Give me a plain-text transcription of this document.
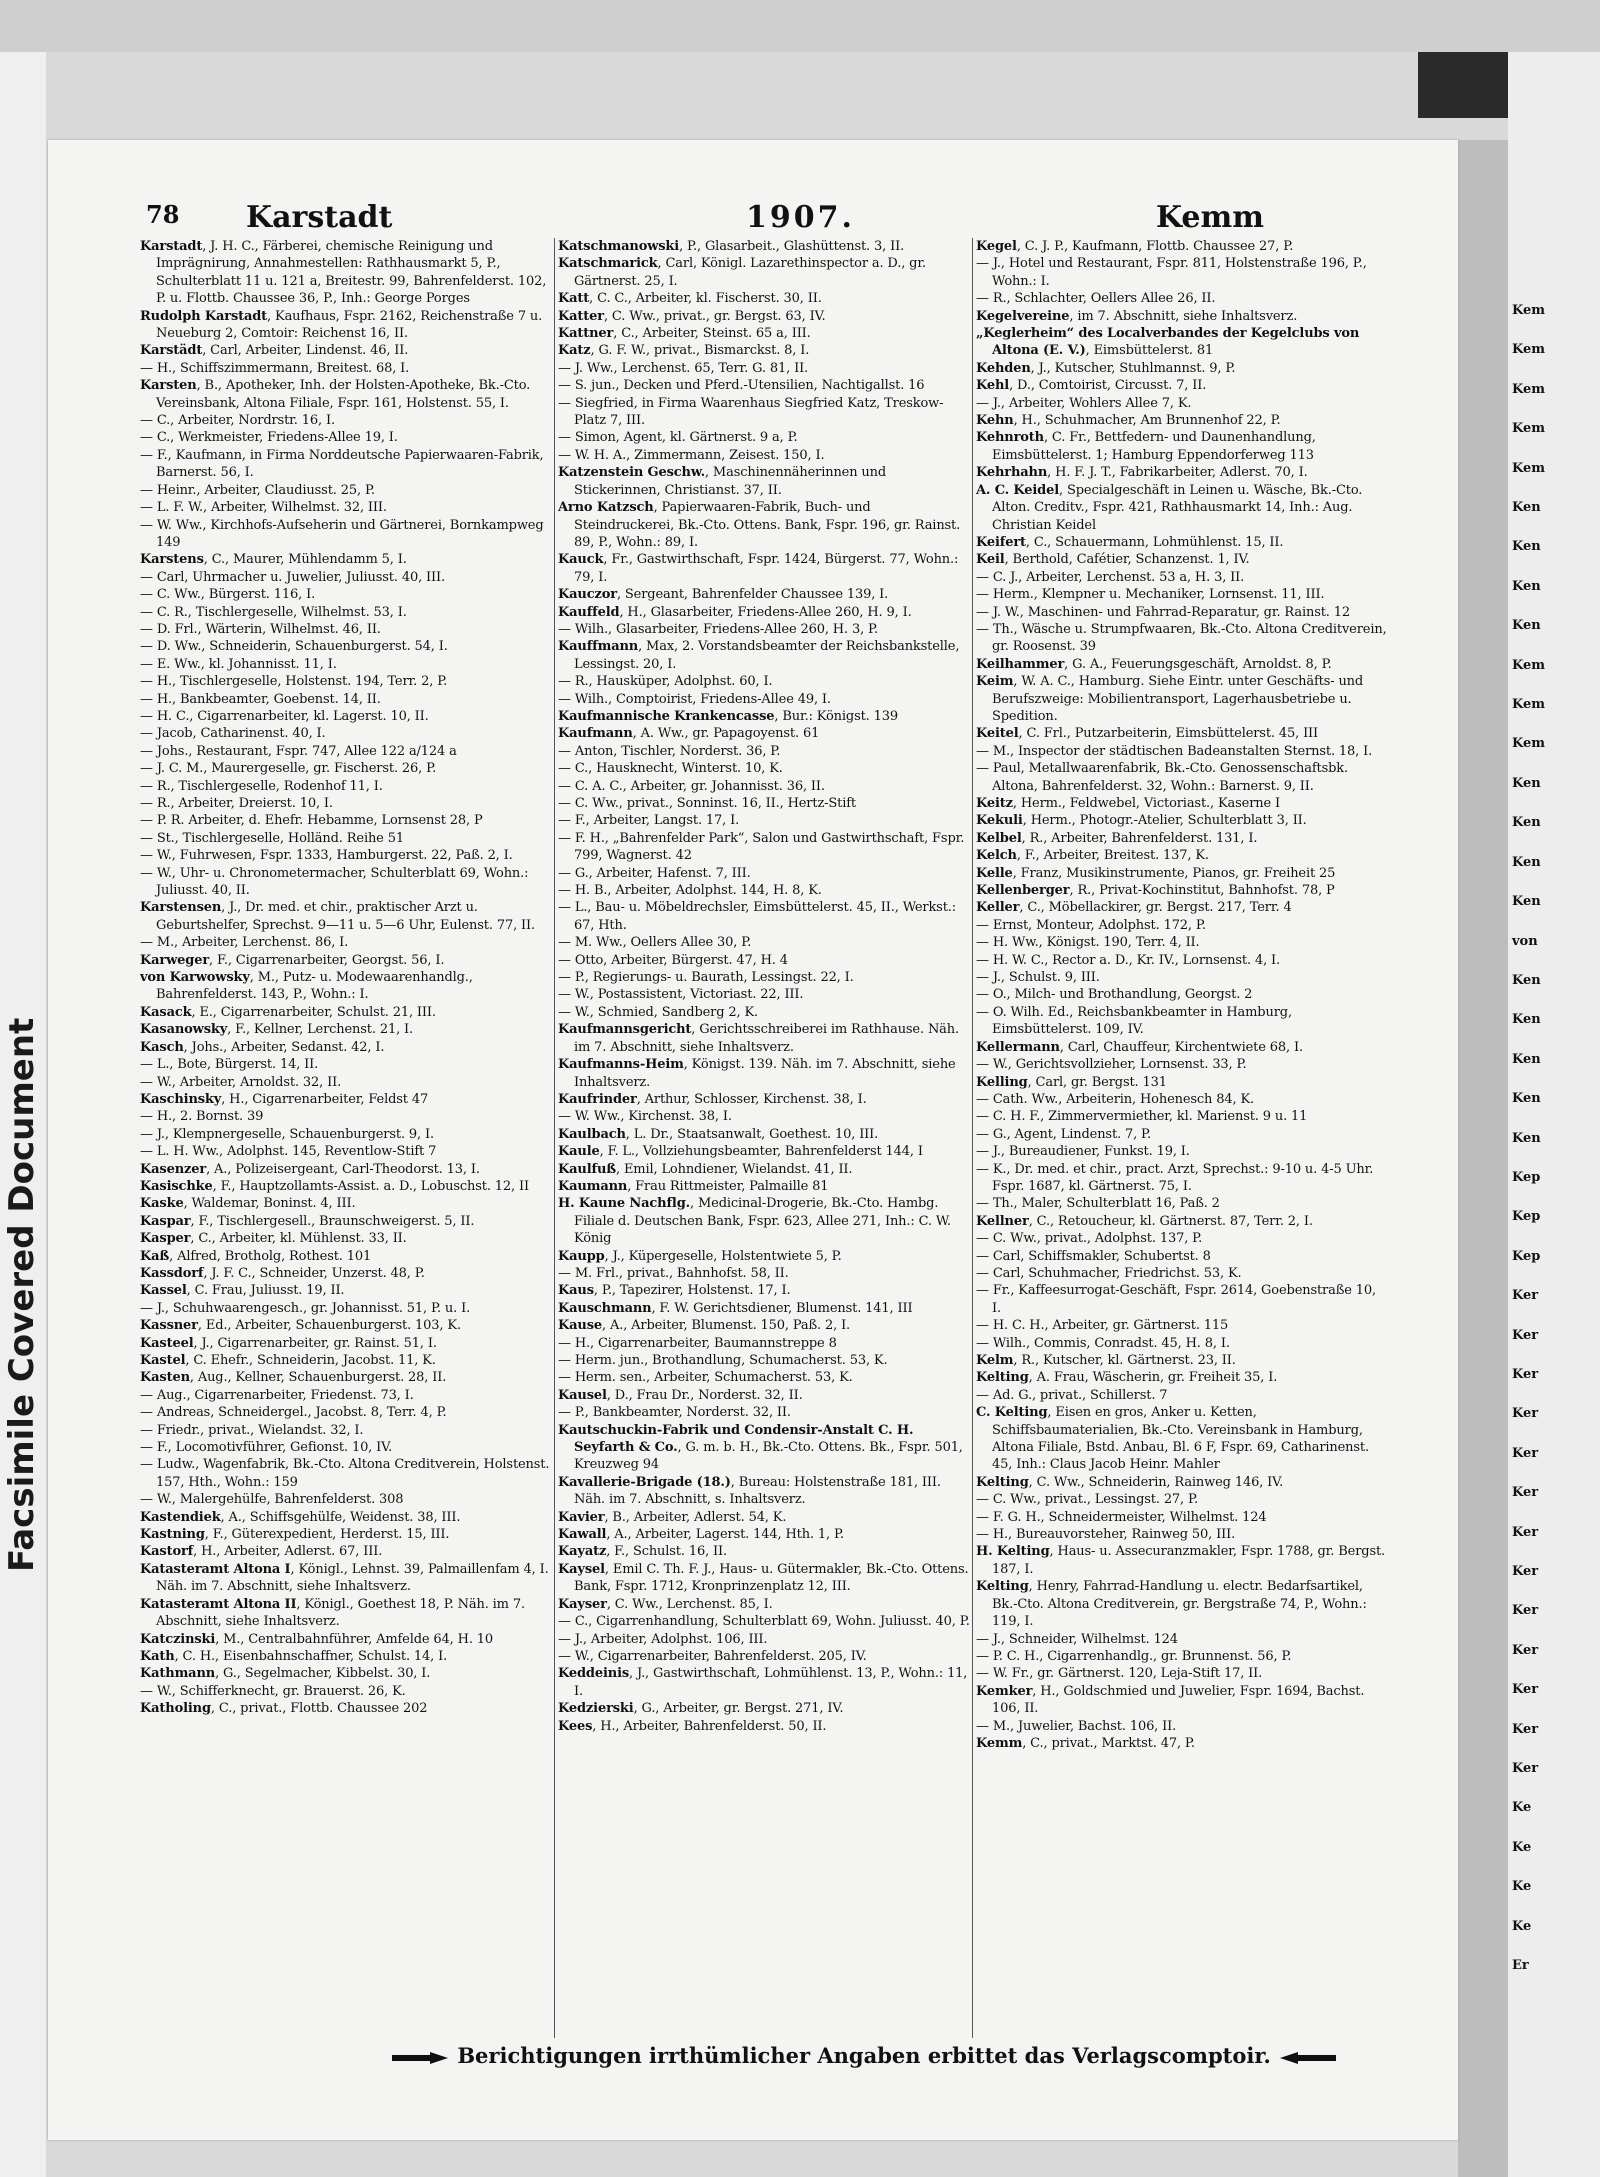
Facsimile Covered Document
Kem
Kem
Kem
Kem
Kem
Ken
Ken
Ken
Ken
Kem
Kem
Kem
Ken
Ken
Ken
Ken
von
Ken
Ken
Ken
Ken
Ken
Kep
Kep
Kep
Ker
Ker
Ker
Ker
Ker
Ker
Ker
Ker
Ker
Ker
Ker
Ker
Ker
Ke
Ke
Ke
Ke
Er
78 Karstadt	1907.	Kemm
Karstadt, J. H. C., Färberei, chemische Reinigung und Imprägnirung, Annahmestellen: Rathhausmarkt 5, P., Schulterblatt 11 u. 121 a, Breitestr. 99, Bahrenfelderst. 102, P. u. Flottb. Chaussee 36, P., Inh.: George Porges
Rudolph Karstadt, Kaufhaus, Fspr. 2162, Reichenstraße 7 u. Neueburg 2, Comtoir: Reichenst 16, II.
Karstädt, Carl, Arbeiter, Lindenst. 46, II.
— H., Schiffszimmermann, Breitest. 68, I.
Karsten, B., Apotheker, Inh. der Holsten-Apotheke, Bk.-Cto. Vereinsbank, Altona Filiale, Fspr. 161, Holstenst. 55, I.
— C., Arbeiter, Nordrstr. 16, I.
— C., Werkmeister, Friedens-Allee 19, I.
— F., Kaufmann, in Firma Norddeutsche Papierwaaren-Fabrik, Barnerst. 56, I.
— Heinr., Arbeiter, Claudiusst. 25, P.
— L. F. W., Arbeiter, Wilhelmst. 32, III.
— W. Ww., Kirchhofs-Aufseherin und Gärtnerei, Bornkampweg 149
Karstens, C., Maurer, Mühlendamm 5, I.
— Carl, Uhrmacher u. Juwelier, Juliusst. 40, III.
— C. Ww., Bürgerst. 116, I.
— C. R., Tischlergeselle, Wilhelmst. 53, I.
— D. Frl., Wärterin, Wilhelmst. 46, II.
— D. Ww., Schneiderin, Schauenburgerst. 54, I.
— E. Ww., kl. Johannisst. 11, I.
— H., Tischlergeselle, Holstenst. 194, Terr. 2, P.
— H., Bankbeamter, Goebenst. 14, II.
— H. C., Cigarrenarbeiter, kl. Lagerst. 10, II.
— Jacob, Catharinenst. 40, I.
— Johs., Restaurant, Fspr. 747, Allee 122 a/124 a
— J. C. M., Maurergeselle, gr. Fischerst. 26, P.
— R., Tischlergeselle, Rodenhof 11, I.
— R., Arbeiter, Dreierst. 10, I.
— P. R. Arbeiter, d. Ehefr. Hebamme, Lornsenst 28, P
— St., Tischlergeselle, Holländ. Reihe 51
— W., Fuhrwesen, Fspr. 1333, Hamburgerst. 22, Paß. 2, I.
— W., Uhr- u. Chronometermacher, Schulterblatt 69, Wohn.: Juliusst. 40, II.
Karstensen, J., Dr. med. et chir., praktischer Arzt u. Geburtshelfer, Sprechst. 9—11 u. 5—6 Uhr, Eulenst. 77, II.
— M., Arbeiter, Lerchenst. 86, I.
Karweger, F., Cigarrenarbeiter, Georgst. 56, I.
von Karwowsky, M., Putz- u. Modewaarenhandlg., Bahrenfelderst. 143, P., Wohn.: I.
Kasack, E., Cigarrenarbeiter, Schulst. 21, III.
Kasanowsky, F., Kellner, Lerchenst. 21, I.
Kasch, Johs., Arbeiter, Sedanst. 42, I.
— L., Bote, Bürgerst. 14, II.
— W., Arbeiter, Arnoldst. 32, II.
Kaschinsky, H., Cigarrenarbeiter, Feldst 47
— H., 2. Bornst. 39
— J., Klempnergeselle, Schauenburgerst. 9, I.
— L. H. Ww., Adolphst. 145, Reventlow-Stift 7
Kasenzer, A., Polizeisergeant, Carl-Theodorst. 13, I.
Kasischke, F., Hauptzollamts-Assist. a. D., Lobuschst. 12, II
Kaske, Waldemar, Boninst. 4, III.
Kaspar, F., Tischlergesell., Braunschweigerst. 5, II.
Kasper, C., Arbeiter, kl. Mühlenst. 33, II.
Kaß, Alfred, Brotholg, Rothest. 101
Kassdorf, J. F. C., Schneider, Unzerst. 48, P.
Kassel, C. Frau, Juliusst. 19, II.
— J., Schuhwaarengesch., gr. Johannisst. 51, P. u. I.
Kassner, Ed., Arbeiter, Schauenburgerst. 103, K.
Kasteel, J., Cigarrenarbeiter, gr. Rainst. 51, I.
Kastel, C. Ehefr., Schneiderin, Jacobst. 11, K.
Kasten, Aug., Kellner, Schauenburgerst. 28, II.
— Aug., Cigarrenarbeiter, Friedenst. 73, I.
— Andreas, Schneidergel., Jacobst. 8, Terr. 4, P.
— Friedr., privat., Wielandst. 32, I.
— F., Locomotivführer, Gefionst. 10, IV.
— Ludw., Wagenfabrik, Bk.-Cto. Altona Creditverein, Holstenst. 157, Hth., Wohn.: 159
— W., Malergehülfe, Bahrenfelderst. 308
Kastendiek, A., Schiffsgehülfe, Weidenst. 38, III.
Kastning, F., Güterexpedient, Herderst. 15, III.
Kastorf, H., Arbeiter, Adlerst. 67, III.
Katasteramt Altona I, Königl., Lehnst. 39, Palmaillenfam 4, I. Näh. im 7. Abschnitt, siehe Inhaltsverz.
Katasteramt Altona II, Königl., Goethest 18, P. Näh. im 7. Abschnitt, siehe Inhaltsverz.
Katczinski, M., Centralbahnführer, Amfelde 64, H. 10
Kath, C. H., Eisenbahnschaffner, Schulst. 14, I.
Kathmann, G., Segelmacher, Kibbelst. 30, I.
— W., Schifferknecht, gr. Brauerst. 26, K.
Katholing, C., privat., Flottb. Chaussee 202
Katschmanowski, P., Glasarbeit., Glashüttenst. 3, II.
Katschmarick, Carl, Königl. Lazarethinspector a. D., gr. Gärtnerst. 25, I.
Katt, C. C., Arbeiter, kl. Fischerst. 30, II.
Katter, C. Ww., privat., gr. Bergst. 63, IV.
Kattner, C., Arbeiter, Steinst. 65 a, III.
Katz, G. F. W., privat., Bismarckst. 8, I.
— J. Ww., Lerchenst. 65, Terr. G. 81, II.
— S. jun., Decken und Pferd.-Utensilien, Nachtigallst. 16
— Siegfried, in Firma Waarenhaus Siegfried Katz, Treskow-Platz 7, III.
— Simon, Agent, kl. Gärtnerst. 9 a, P.
— W. H. A., Zimmermann, Zeisest. 150, I.
Katzenstein Geschw., Maschinennäherinnen und Stickerinnen, Christianst. 37, II.
Arno Katzsch, Papierwaaren-Fabrik, Buch- und Steindruckerei, Bk.-Cto. Ottens. Bank, Fspr. 196, gr. Rainst. 89, P., Wohn.: 89, I.
Kauck, Fr., Gastwirthschaft, Fspr. 1424, Bürgerst. 77, Wohn.: 79, I.
Kauczor, Sergeant, Bahrenfelder Chaussee 139, I.
Kauffeld, H., Glasarbeiter, Friedens-Allee 260, H. 9, I.
— Wilh., Glasarbeiter, Friedens-Allee 260, H. 3, P.
Kauffmann, Max, 2. Vorstandsbeamter der Reichsbankstelle, Lessingst. 20, I.
— R., Hausküper, Adolphst. 60, I.
— Wilh., Comptoirist, Friedens-Allee 49, I.
Kaufmannische Krankencasse, Bur.: Königst. 139
Kaufmann, A. Ww., gr. Papagoyenst. 61
— Anton, Tischler, Norderst. 36, P.
— C., Hausknecht, Winterst. 10, K.
— C. A. C., Arbeiter, gr. Johannisst. 36, II.
— C. Ww., privat., Sonninst. 16, II., Hertz-Stift
— F., Arbeiter, Langst. 17, I.
— F. H., „Bahrenfelder Park“, Salon und Gastwirthschaft, Fspr. 799, Wagnerst. 42
— G., Arbeiter, Hafenst. 7, III.
— H. B., Arbeiter, Adolphst. 144, H. 8, K.
— L., Bau- u. Möbeldrechsler, Eimsbüttelerst. 45, II., Werkst.: 67, Hth.
— M. Ww., Oellers Allee 30, P.
— Otto, Arbeiter, Bürgerst. 47, H. 4
— P., Regierungs- u. Baurath, Lessingst. 22, I.
— W., Postassistent, Victoriast. 22, III.
— W., Schmied, Sandberg 2, K.
Kaufmannsgericht, Gerichtsschreiberei im Rathhause. Näh. im 7. Abschnitt, siehe Inhaltsverz.
Kaufmanns-Heim, Königst. 139. Näh. im 7. Abschnitt, siehe Inhaltsverz.
Kaufrinder, Arthur, Schlosser, Kirchenst. 38, I.
— W. Ww., Kirchenst. 38, I.
Kaulbach, L. Dr., Staatsanwalt, Goethest. 10, III.
Kaule, F. L., Vollziehungsbeamter, Bahrenfelderst 144, I
Kaulfuß, Emil, Lohndiener, Wielandst. 41, II.
Kaumann, Frau Rittmeister, Palmaille 81
H. Kaune Nachflg., Medicinal-Drogerie, Bk.-Cto. Hambg. Filiale d. Deutschen Bank, Fspr. 623, Allee 271, Inh.: C. W. König
Kaupp, J., Küpergeselle, Holstentwiete 5, P.
— M. Frl., privat., Bahnhofst. 58, II.
Kaus, P., Tapezirer, Holstenst. 17, I.
Kauschmann, F. W. Gerichtsdiener, Blumenst. 141, III
Kause, A., Arbeiter, Blumenst. 150, Paß. 2, I.
— H., Cigarrenarbeiter, Baumannstreppe 8
— Herm. jun., Brothandlung, Schumacherst. 53, K.
— Herm. sen., Arbeiter, Schumacherst. 53, K.
Kausel, D., Frau Dr., Norderst. 32, II.
— P., Bankbeamter, Norderst. 32, II.
Kautschuckin-Fabrik und Condensir-Anstalt C. H. Seyfarth & Co., G. m. b. H., Bk.-Cto. Ottens. Bk., Fspr. 501, Kreuzweg 94
Kavallerie-Brigade (18.), Bureau: Holstenstraße 181, III. Näh. im 7. Abschnitt, s. Inhaltsverz.
Kavier, B., Arbeiter, Adlerst. 54, K.
Kawall, A., Arbeiter, Lagerst. 144, Hth. 1, P.
Kayatz, F., Schulst. 16, II.
Kaysel, Emil C. Th. F. J., Haus- u. Gütermakler, Bk.-Cto. Ottens. Bank, Fspr. 1712, Kronprinzenplatz 12, III.
Kayser, C. Ww., Lerchenst. 85, I.
— C., Cigarrenhandlung, Schulterblatt 69, Wohn. Juliusst. 40, P.
— J., Arbeiter, Adolphst. 106, III.
— W., Cigarrenarbeiter, Bahrenfelderst. 205, IV.
Keddeinis, J., Gastwirthschaft, Lohmühlenst. 13, P., Wohn.: 11, I.
Kedzierski, G., Arbeiter, gr. Bergst. 271, IV.
Kees, H., Arbeiter, Bahrenfelderst. 50, II.
Kegel, C. J. P., Kaufmann, Flottb. Chaussee 27, P.
— J., Hotel und Restaurant, Fspr. 811, Holstenstraße 196, P., Wohn.: I.
— R., Schlachter, Oellers Allee 26, II.
Kegelvereine, im 7. Abschnitt, siehe Inhaltsverz.
„Keglerheim“ des Localverbandes der Kegelclubs von Altona (E. V.), Eimsbüttelerst. 81
Kehden, J., Kutscher, Stuhlmannst. 9, P.
Kehl, D., Comtoirist, Circusst. 7, II.
— J., Arbeiter, Wohlers Allee 7, K.
Kehn, H., Schuhmacher, Am Brunnenhof 22, P.
Kehnroth, C. Fr., Bettfedern- und Daunenhandlung, Eimsbüttelerst. 1; Hamburg Eppendorferweg 113
Kehrhahn, H. F. J. T., Fabrikarbeiter, Adlerst. 70, I.
A. C. Keidel, Specialgeschäft in Leinen u. Wäsche, Bk.-Cto. Alton. Creditv., Fspr. 421, Rathhausmarkt 14, Inh.: Aug. Christian Keidel
Keifert, C., Schauermann, Lohmühlenst. 15, II.
Keil, Berthold, Cafétier, Schanzenst. 1, IV.
— C. J., Arbeiter, Lerchenst. 53 a, H. 3, II.
— Herm., Klempner u. Mechaniker, Lornsenst. 11, III.
— J. W., Maschinen- und Fahrrad-Reparatur, gr. Rainst. 12
— Th., Wäsche u. Strumpfwaaren, Bk.-Cto. Altona Creditverein, gr. Roosenst. 39
Keilhammer, G. A., Feuerungsgeschäft, Arnoldst. 8, P.
Keim, W. A. C., Hamburg. Siehe Eintr. unter Geschäfts- und Berufszweige: Mobilientransport, Lagerhausbetriebe u. Spedition.
Keitel, C. Frl., Putzarbeiterin, Eimsbüttelerst. 45, III
— M., Inspector der städtischen Badeanstalten Sternst. 18, I.
— Paul, Metallwaarenfabrik, Bk.-Cto. Genossenschaftsbk. Altona, Bahrenfelderst. 32, Wohn.: Barnerst. 9, II.
Keitz, Herm., Feldwebel, Victoriast., Kaserne I
Kekuli, Herm., Photogr.-Atelier, Schulterblatt 3, II.
Kelbel, R., Arbeiter, Bahrenfelderst. 131, I.
Kelch, F., Arbeiter, Breitest. 137, K.
Kelle, Franz, Musikinstrumente, Pianos, gr. Freiheit 25
Kellenberger, R., Privat-Kochinstitut, Bahnhofst. 78, P
Keller, C., Möbellackirer, gr. Bergst. 217, Terr. 4
— Ernst, Monteur, Adolphst. 172, P.
— H. Ww., Königst. 190, Terr. 4, II.
— H. W. C., Rector a. D., Kr. IV., Lornsenst. 4, I.
— J., Schulst. 9, III.
— O., Milch- und Brothandlung, Georgst. 2
— O. Wilh. Ed., Reichsbankbeamter in Hamburg, Eimsbüttelerst. 109, IV.
Kellermann, Carl, Chauffeur, Kirchentwiete 68, I.
— W., Gerichtsvollzieher, Lornsenst. 33, P.
Kelling, Carl, gr. Bergst. 131
— Cath. Ww., Arbeiterin, Hohenesch 84, K.
— C. H. F., Zimmervermiether, kl. Marienst. 9 u. 11
— G., Agent, Lindenst. 7, P.
— J., Bureaudiener, Funkst. 19, I.
— K., Dr. med. et chir., pract. Arzt, Sprechst.: 9-10 u. 4-5 Uhr. Fspr. 1687, kl. Gärtnerst. 75, I.
— Th., Maler, Schulterblatt 16, Paß. 2
Kellner, C., Retoucheur, kl. Gärtnerst. 87, Terr. 2, I.
— C. Ww., privat., Adolphst. 137, P.
— Carl, Schiffsmakler, Schubertst. 8
— Carl, Schuhmacher, Friedrichst. 53, K.
— Fr., Kaffeesurrogat-Geschäft, Fspr. 2614, Goebenstraße 10, I.
— H. C. H., Arbeiter, gr. Gärtnerst. 115
— Wilh., Commis, Conradst. 45, H. 8, I.
Kelm, R., Kutscher, kl. Gärtnerst. 23, II.
Kelting, A. Frau, Wäscherin, gr. Freiheit 35, I.
— Ad. G., privat., Schillerst. 7
C. Kelting, Eisen en gros, Anker u. Ketten, Schiffsbaumaterialien, Bk.-Cto. Vereinsbank in Hamburg, Altona Filiale, Bstd. Anbau, Bl. 6 F, Fspr. 69, Catharinenst. 45, Inh.: Claus Jacob Heinr. Mahler
Kelting, C. Ww., Schneiderin, Rainweg 146, IV.
— C. Ww., privat., Lessingst. 27, P.
— F. G. H., Schneidermeister, Wilhelmst. 124
— H., Bureauvorsteher, Rainweg 50, III.
H. Kelting, Haus- u. Assecuranzmakler, Fspr. 1788, gr. Bergst. 187, I.
Kelting, Henry, Fahrrad-Handlung u. electr. Bedarfsartikel, Bk.-Cto. Altona Creditverein, gr. Bergstraße 74, P., Wohn.: 119, I.
— J., Schneider, Wilhelmst. 124
— P. C. H., Cigarrenhandlg., gr. Brunnenst. 56, P.
— W. Fr., gr. Gärtnerst. 120, Leja-Stift 17, II.
Kemker, H., Goldschmied und Juwelier, Fspr. 1694, Bachst. 106, II.
— M., Juwelier, Bachst. 106, II.
Kemm, C., privat., Marktst. 47, P.
Berichtigungen irrthümlicher Angaben erbittet das Verlagscomptoir.
